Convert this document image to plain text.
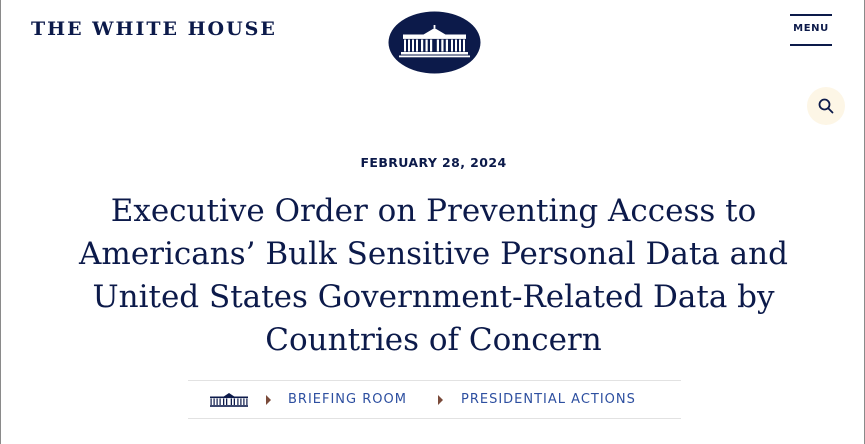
THE WHITE HOUSE	MENU
FEBRUARY 28, 2024
Executive Order on Preventing Access to Americans’ Bulk Sensitive Personal Data and United States Government-Related Data by Countries of Concern
BRIEFING ROOM	PRESIDENTIAL ACTIONS
